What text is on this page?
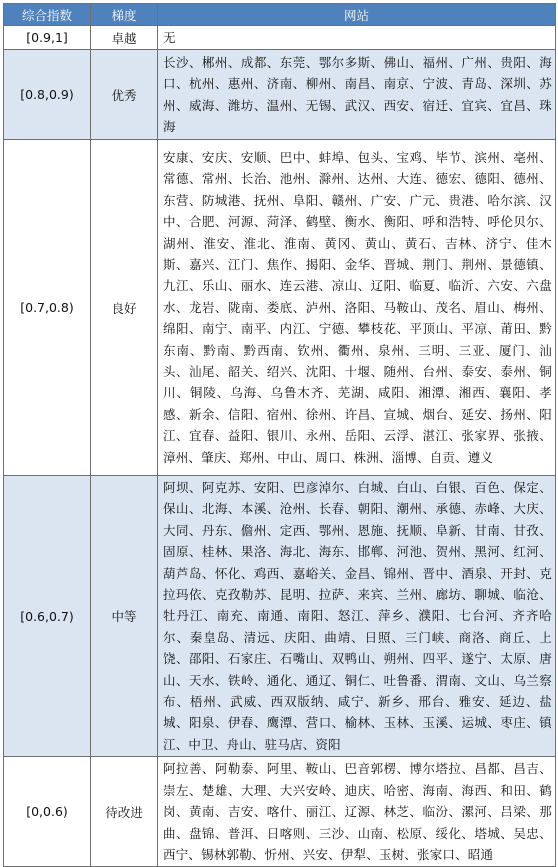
综合指数	梯度	网站
[0.9,1]	卓越	无
[0.8,0.9)	优秀	长沙、郴州、成都、东莞、鄂尔多斯、佛山、福州、广州、贵阳、海口、杭州、惠州、济南、柳州、南昌、南京、宁波、青岛、深圳、苏州、威海、潍坊、温州、无锡、武汉、西安、宿迁、宜宾、宜昌、珠海
[0.7,0.8)	良好	安康、安庆、安顺、巴中、蚌埠、包头、宝鸡、毕节、滨州、亳州、常德、常州、长治、池州、滁州、达州、大连、德宏、德阳、德州、东营、防城港、抚州、阜阳、赣州、广安、广元、贵港、哈尔滨、汉中、合肥、河源、菏泽、鹤壁、衡水、衡阳、呼和浩特、呼伦贝尔、湖州、淮安、淮北、淮南、黄冈、黄山、黄石、吉林、济宁、佳木斯、嘉兴、江门、焦作、揭阳、金华、晋城、荆门、荆州、景德镇、九江、乐山、丽水、连云港、凉山、辽阳、临夏、临沂、六安、六盘水、龙岩、陇南、娄底、泸州、洛阳、马鞍山、茂名、眉山、梅州、绵阳、南宁、南平、内江、宁德、攀枝花、平顶山、平凉、莆田、黔东南、黔南、黔西南、钦州、衢州、泉州、三明、三亚、厦门、汕头、汕尾、韶关、绍兴、沈阳、十堰、随州、台州、泰安、泰州、铜川、铜陵、乌海、乌鲁木齐、芜湖、咸阳、湘潭、湘西、襄阳、孝感、新余、信阳、宿州、徐州、许昌、宣城、烟台、延安、扬州、阳江、宜春、益阳、银川、永州、岳阳、云浮、湛江、张家界、张掖、漳州、肇庆、郑州、中山、周口、株洲、淄博、自贡、遵义
[0.6,0.7)	中等	阿坝、阿克苏、安阳、巴彦淖尔、白城、白山、白银、百色、保定、保山、北海、本溪、沧州、长春、朝阳、潮州、承德、赤峰、大庆、大同、丹东、儋州、定西、鄂州、恩施、抚顺、阜新、甘南、甘孜、固原、桂林、果洛、海北、海东、邯郸、河池、贺州、黑河、红河、葫芦岛、怀化、鸡西、嘉峪关、金昌、锦州、晋中、酒泉、开封、克拉玛依、克孜勒苏、昆明、拉萨、来宾、兰州、廊坊、聊城、临沧、牡丹江、南充、南通、南阳、怒江、萍乡、濮阳、七台河、齐齐哈尔、秦皇岛、清远、庆阳、曲靖、日照、三门峡、商洛、商丘、上饶、邵阳、石家庄、石嘴山、双鸭山、朔州、四平、遂宁、太原、唐山、天水、铁岭、通化、通辽、铜仁、吐鲁番、渭南、文山、乌兰察布、梧州、武威、西双版纳、咸宁、新乡、邢台、雅安、延边、盐城、阳泉、伊春、鹰潭、营口、榆林、玉林、玉溪、运城、枣庄、镇江、中卫、舟山、驻马店、资阳
[0,0.6)	待改进	阿拉善、阿勒泰、阿里、鞍山、巴音郭楞、博尔塔拉、昌都、昌吉、崇左、楚雄、大理、大兴安岭、迪庆、哈密、海南、海西、和田、鹤岗、黄南、吉安、喀什、丽江、辽源、林芝、临汾、漯河、吕梁、那曲、盘锦、普洱、日喀则、三沙、山南、松原、绥化、塔城、吴忠、西宁、锡林郭勒、忻州、兴安、伊犁、玉树、张家口、昭通
